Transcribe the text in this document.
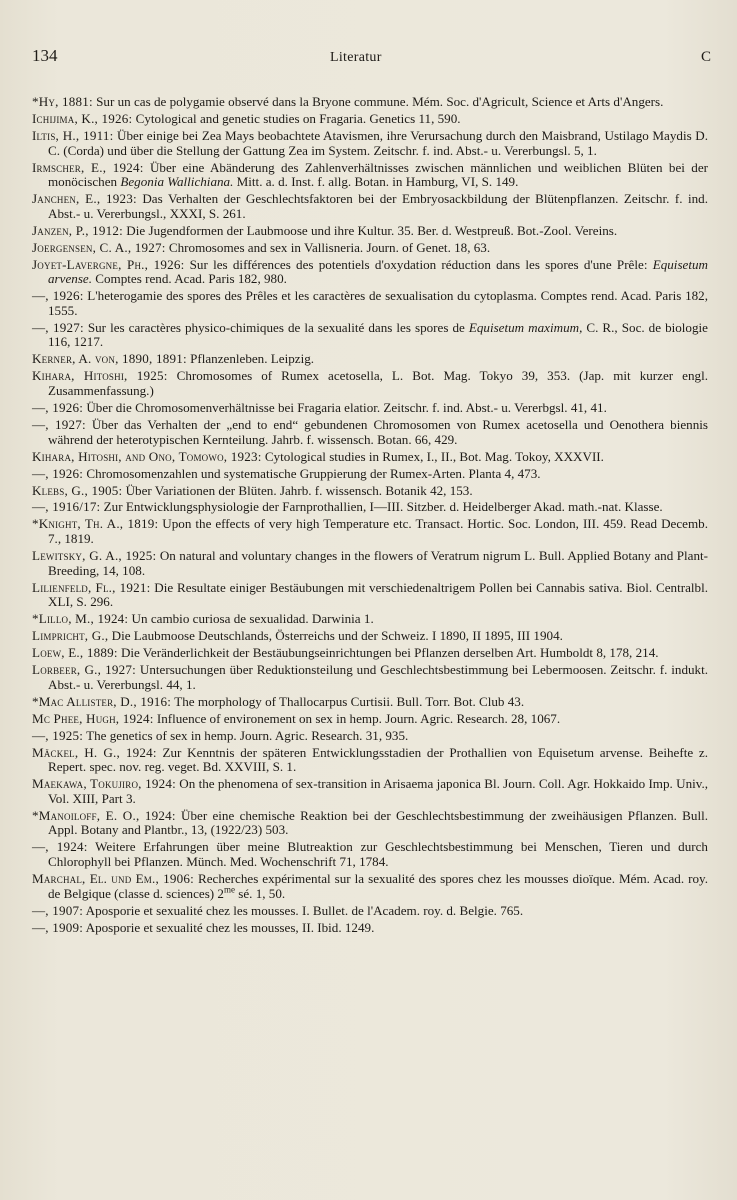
134	Literatur	C
*Hy, 1881: Sur un cas de polygamie observé dans la Bryone commune. Mém. Soc. d'Agricult, Science et Arts d'Angers.
Ichijima, K., 1926: Cytological and genetic studies on Fragaria. Genetics 11, 590.
Iltis, H., 1911: Über einige bei Zea Mays beobachtete Atavismen, ihre Verursachung durch den Maisbrand, Ustilago Maydis D. C. (Corda) und über die Stellung der Gattung Zea im System. Zeitschr. f. ind. Abst.- u. Vererbungsl. 5, 1.
Irmscher, E., 1924: Über eine Abänderung des Zahlenverhältnisses zwischen männlichen und weiblichen Blüten bei der monöcischen Begonia Wallichiana. Mitt. a. d. Inst. f. allg. Botan. in Hamburg, VI, S. 149.
Janchen, E., 1923: Das Verhalten der Geschlechtsfaktoren bei der Embryosackbildung der Blütenpflanzen. Zeitschr. f. ind. Abst.- u. Vererbungsl., XXXI, S. 261.
Janzen, P., 1912: Die Jugendformen der Laubmoose und ihre Kultur. 35. Ber. d. Westpreuß. Bot.-Zool. Vereins.
Joergensen, C. A., 1927: Chromosomes and sex in Vallisneria. Journ. of Genet. 18, 63.
Joyet-Lavergne, Ph., 1926: Sur les différences des potentiels d'oxydation réduction dans les spores d'une Prêle: Equisetum arvense. Comptes rend. Acad. Paris 182, 980.
—, 1926: L'heterogamie des spores des Prêles et les caractères de sexualisation du cytoplasma. Comptes rend. Acad. Paris 182, 1555.
—, 1927: Sur les caractères physico-chimiques de la sexualité dans les spores de Equisetum maximum, C. R., Soc. de biologie 116, 1217.
Kerner, A. von, 1890, 1891: Pflanzenleben. Leipzig.
Kihara, Hitoshi, 1925: Chromosomes of Rumex acetosella, L. Bot. Mag. Tokyo 39, 353. (Jap. mit kurzer engl. Zusammenfassung.)
—, 1926: Über die Chromosomenverhältnisse bei Fragaria elatior. Zeitschr. f. ind. Abst.- u. Vererbgsl. 41, 41.
—, 1927: Über das Verhalten der „end to end“ gebundenen Chromosomen von Rumex acetosella und Oenothera biennis während der heterotypischen Kernteilung. Jahrb. f. wissensch. Botan. 66, 429.
Kihara, Hitoshi, and Ono, Tomowo, 1923: Cytological studies in Rumex, I., II., Bot. Mag. Tokoy, XXXVII.
—, 1926: Chromosomenzahlen und systematische Gruppierung der Rumex-Arten. Planta 4, 473.
Klebs, G., 1905: Über Variationen der Blüten. Jahrb. f. wissensch. Botanik 42, 153.
—, 1916/17: Zur Entwicklungsphysiologie der Farnprothallien, I—III. Sitzber. d. Heidelberger Akad. math.-nat. Klasse.
*Knight, Th. A., 1819: Upon the effects of very high Temperature etc. Transact. Hortic. Soc. London, III. 459. Read Decemb. 7., 1819.
Lewitsky, G. A., 1925: On natural and voluntary changes in the flowers of Veratrum nigrum L. Bull. Applied Botany and Plant-Breeding, 14, 108.
Lilienfeld, Fl., 1921: Die Resultate einiger Bestäubungen mit verschiedenaltrigem Pollen bei Cannabis sativa. Biol. Centralbl. XLI, S. 296.
*Lillo, M., 1924: Un cambio curiosa de sexualidad. Darwinia 1.
Limpricht, G., Die Laubmoose Deutschlands, Österreichs und der Schweiz. I 1890, II 1895, III 1904.
Loew, E., 1889: Die Veränderlichkeit der Bestäubungseinrichtungen bei Pflanzen derselben Art. Humboldt 8, 178, 214.
Lorbeer, G., 1927: Untersuchungen über Reduktionsteilung und Geschlechtsbestimmung bei Lebermoosen. Zeitschr. f. indukt. Abst.- u. Vererbungsl. 44, 1.
*Mac Allister, D., 1916: The morphology of Thallocarpus Curtisii. Bull. Torr. Bot. Club 43.
Mc Phee, Hugh, 1924: Influence of environement on sex in hemp. Journ. Agric. Research. 28, 1067.
—, 1925: The genetics of sex in hemp. Journ. Agric. Research. 31, 935.
Mäckel, H. G., 1924: Zur Kenntnis der späteren Entwicklungsstadien der Prothallien von Equisetum arvense. Beihefte z. Repert. spec. nov. reg. veget. Bd. XXVIII, S. 1.
Maekawa, Tokujiro, 1924: On the phenomena of sex-transition in Arisaema japonica Bl. Journ. Coll. Agr. Hokkaido Imp. Univ., Vol. XIII, Part 3.
*Manoiloff, E. O., 1924: Über eine chemische Reaktion bei der Geschlechtsbestimmung der zweihäusigen Pflanzen. Bull. Appl. Botany and Plantbr., 13, (1922/23) 503.
—, 1924: Weitere Erfahrungen über meine Blutreaktion zur Geschlechtsbestimmung bei Menschen, Tieren und durch Chlorophyll bei Pflanzen. Münch. Med. Wochenschrift 71, 1784.
Marchal, El. und Em., 1906: Recherches expérimental sur la sexualité des spores chez les mousses dioïque. Mém. Acad. roy. de Belgique (classe d. sciences) $2^{me}$ sé. 1, 50.
—, 1907: Aposporie et sexualité chez les mousses. I. Bullet. de l'Academ. roy. d. Belgie. 765.
—, 1909: Aposporie et sexualité chez les mousses, II. Ibid. 1249.
